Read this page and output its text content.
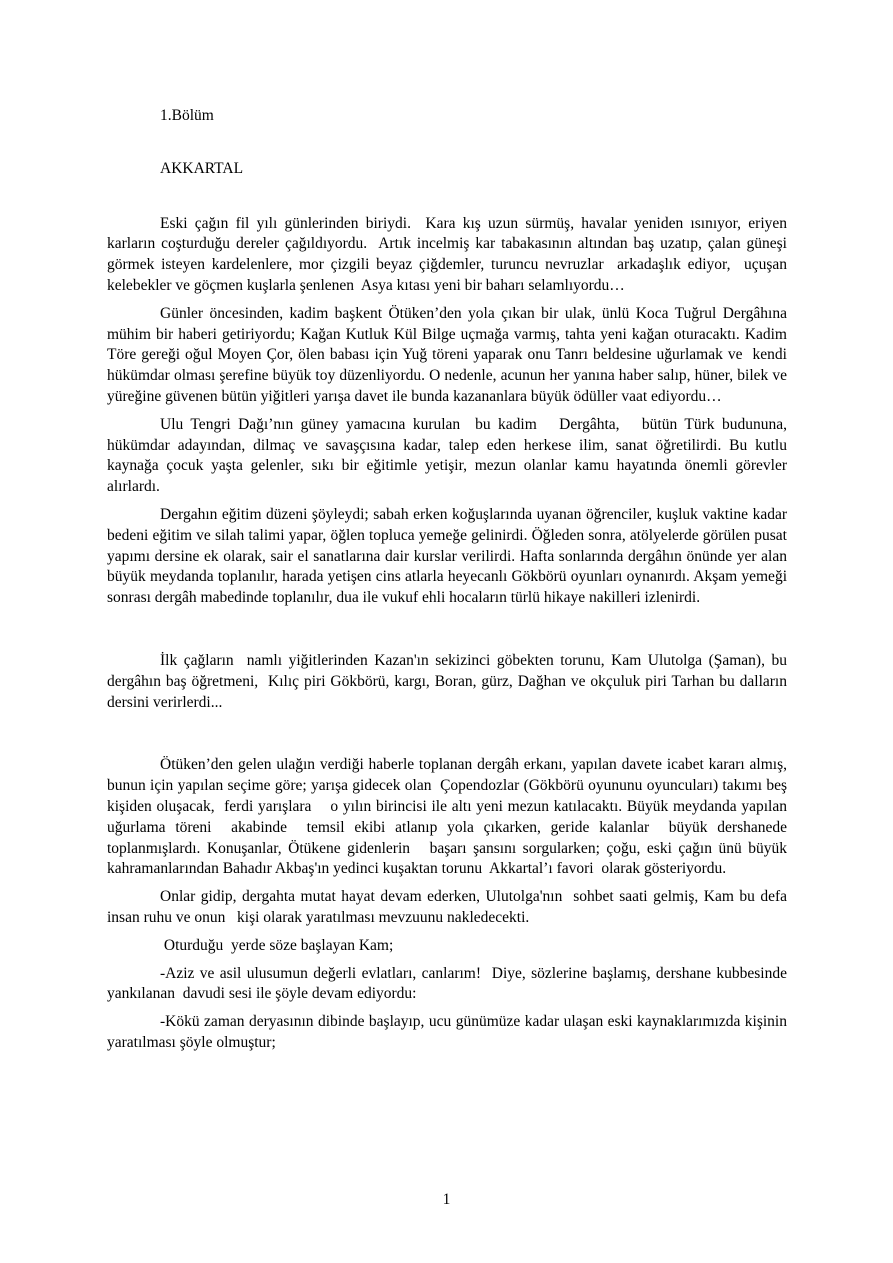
1.Bölüm

AKKARTAL

Eski çağın fil yılı günlerinden biriydi.  Kara kış uzun sürmüş, havalar yeniden ısınıyor, eriyen karların coşturduğu dereler çağıldıyordu.  Artık incelmiş kar tabakasının altından baş uzatıp, çalan güneşi  görmek isteyen kardelenlere, mor çizgili beyaz çiğdemler, turuncu nevruzlar  arkadaşlık ediyor,  uçuşan kelebekler ve göçmen kuşlarla şenlenen  Asya kıtası yeni bir baharı selamlıyordu…

Günler öncesinden, kadim başkent Ötüken’den yola çıkan bir ulak, ünlü Koca Tuğrul Dergâhına mühim bir haberi getiriyordu; Kağan Kutluk Kül Bilge uçmağa varmış, tahta yeni kağan oturacaktı. Kadim Töre gereği oğul Moyen Çor, ölen babası için Yuğ töreni yaparak onu Tanrı beldesine uğurlamak ve  kendi hükümdar olması şerefine büyük toy düzenliyordu. O nedenle, acunun her yanına haber salıp, hüner, bilek ve yüreğine güvenen bütün yiğitleri yarışa davet ile bunda kazananlara büyük ödüller vaat ediyordu…

Ulu Tengri Dağı’nın güney yamacına kurulan  bu kadim   Dergâhta,   bütün Türk budununa, hükümdar adayından, dilmaç ve savaşçısına kadar, talep eden herkese ilim, sanat öğretilirdi. Bu kutlu kaynağa çocuk yaşta gelenler, sıkı bir eğitimle yetişir, mezun olanlar kamu hayatında önemli görevler alırlardı.

Dergahın eğitim düzeni şöyleydi; sabah erken koğuşlarında uyanan öğrenciler, kuşluk vaktine kadar bedeni eğitim ve silah talimi yapar, öğlen topluca yemeğe gelinirdi. Öğleden sonra, atölyelerde görülen pusat yapımı dersine ek olarak, sair el sanatlarına dair kurslar verilirdi. Hafta sonlarında dergâhın önünde yer alan büyük meydanda toplanılır, harada yetişen cins atlarla heyecanlı Gökbörü oyunları oynanırdı. Akşam yemeği sonrası dergâh mabedinde toplanılır, dua ile vukuf ehli hocaların türlü hikaye nakilleri izlenirdi.

İlk çağların  namlı yiğitlerinden Kazan'ın sekizinci göbekten torunu, Kam Ulutolga (Şaman), bu dergâhın baş öğretmeni,  Kılıç piri Gökbörü, kargı, Boran, gürz, Dağhan ve okçuluk piri Tarhan bu dalların dersini verirlerdi...

Ötüken’den gelen ulağın verdiği haberle toplanan dergâh erkanı, yapılan davete icabet kararı almış, bunun için yapılan seçime göre; yarışa gidecek olan  Çopendozlar (Gökbörü oyununu oyuncuları) takımı beş kişiden oluşacak,  ferdi yarışlara    o yılın birincisi ile altı yeni mezun katılacaktı. Büyük meydanda yapılan  uğurlama töreni  akabinde  temsil ekibi atlanıp yola çıkarken, geride kalanlar  büyük dershanede toplanmışlardı. Konuşanlar, Ötükene gidenlerin   başarı şansını sorgularken; çoğu, eski çağın ünü büyük kahramanlarından Bahadır Akbaş'ın yedinci kuşaktan torunu  Akkartal’ı favori  olarak gösteriyordu.

Onlar gidip, dergahta mutat hayat devam ederken, Ulutolga'nın  sohbet saati gelmiş, Kam bu defa  insan ruhu ve onun   kişi olarak yaratılması mevzuunu nakledecekti.

Oturduğu  yerde söze başlayan Kam;

-Aziz ve asil ulusumun değerli evlatları, canlarım!  Diye, sözlerine başlamış, dershane kubbesinde yankılanan  davudi sesi ile şöyle devam ediyordu:

-Kökü zaman deryasının dibinde başlayıp, ucu günümüze kadar ulaşan eski kaynaklarımızda kişinin  yaratılması şöyle olmuştur;

1
